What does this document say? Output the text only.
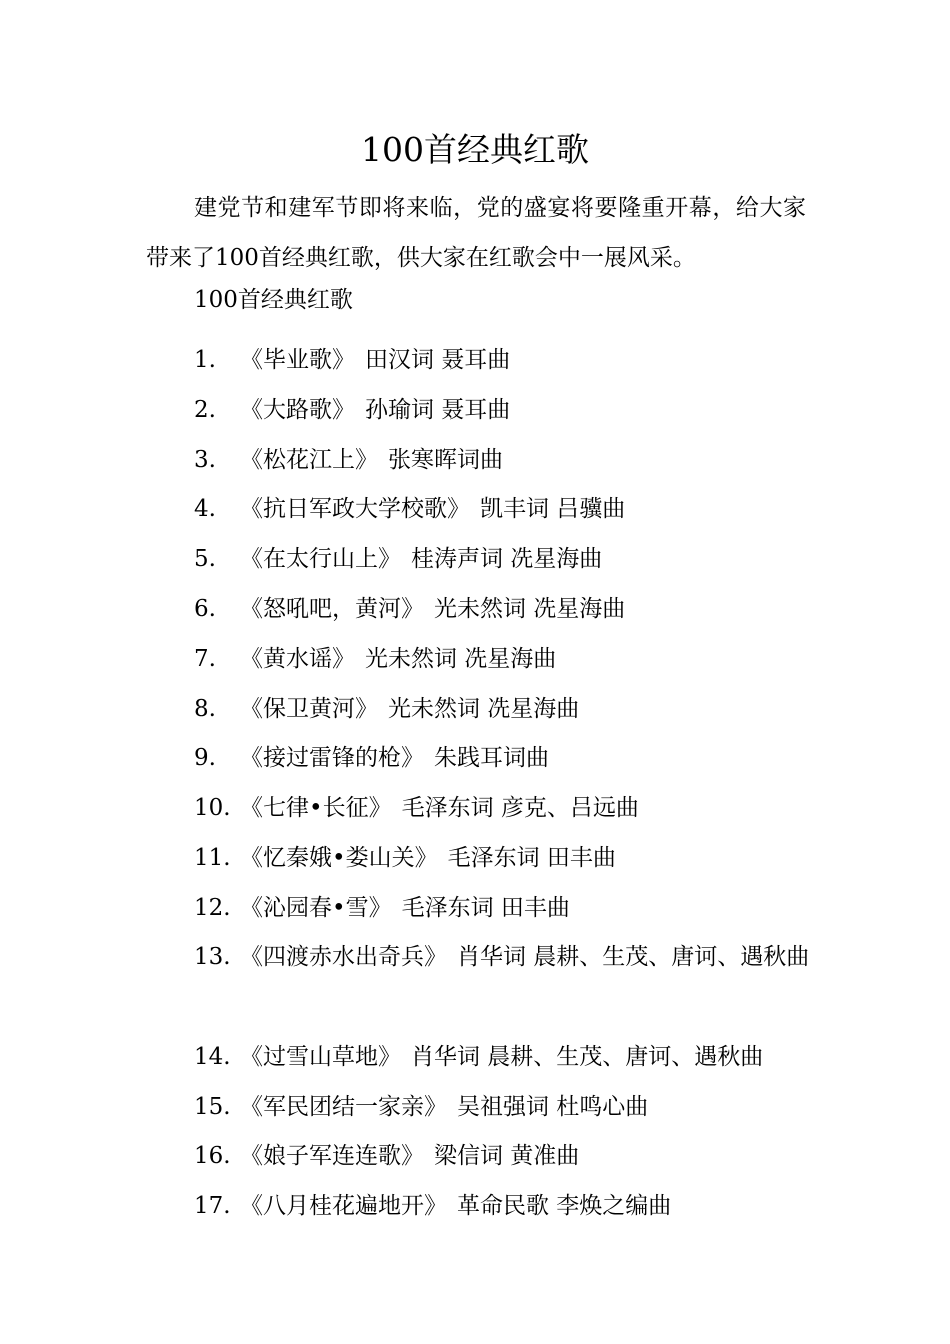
100首经典红歌
建党节和建军节即将来临，党的盛宴将要隆重开幕，给大家带来了100首经典红歌，供大家在红歌会中一展风采。
100首经典红歌
1. 《毕业歌》 田汉词 聂耳曲
2. 《大路歌》 孙瑜词 聂耳曲
3. 《松花江上》 张寒晖词曲
4. 《抗日军政大学校歌》 凯丰词 吕骥曲
5. 《在太行山上》 桂涛声词 冼星海曲
6. 《怒吼吧，黄河》 光未然词 冼星海曲
7. 《黄水谣》 光未然词 冼星海曲
8. 《保卫黄河》 光未然词 冼星海曲
9. 《接过雷锋的枪》 朱践耳词曲
10. 《七律•长征》 毛泽东词 彦克、吕远曲
11. 《忆秦娥•娄山关》 毛泽东词 田丰曲
12. 《沁园春•雪》 毛泽东词 田丰曲
13. 《四渡赤水出奇兵》 肖华词 晨耕、生茂、唐诃、遇秋曲
14. 《过雪山草地》 肖华词 晨耕、生茂、唐诃、遇秋曲
15. 《军民团结一家亲》 吴祖强词 杜鸣心曲
16. 《娘子军连连歌》 梁信词 黄准曲
17. 《八月桂花遍地开》 革命民歌 李焕之编曲
